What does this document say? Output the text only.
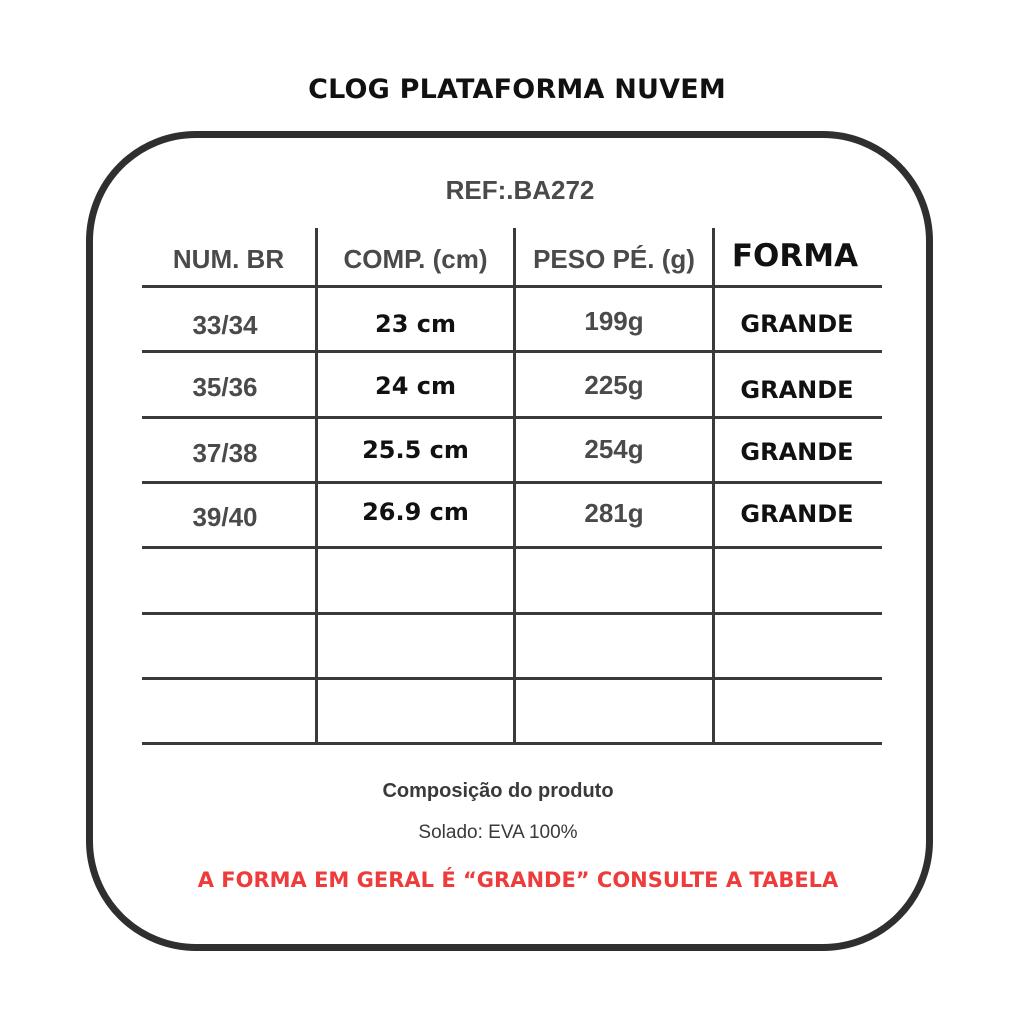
CLOG PLATAFORMA NUVEM
REF:.BA272
NUM. BR	COMP. (cm)	PESO PÉ. (g)	FORMA
33/34	23 cm	199g	GRANDE
35/36	24 cm	225g	GRANDE
37/38	25.5 cm	254g	GRANDE
39/40	26.9 cm	281g	GRANDE
Composição do produto
Solado: EVA 100%
A FORMA EM GERAL É “GRANDE” CONSULTE A TABELA
